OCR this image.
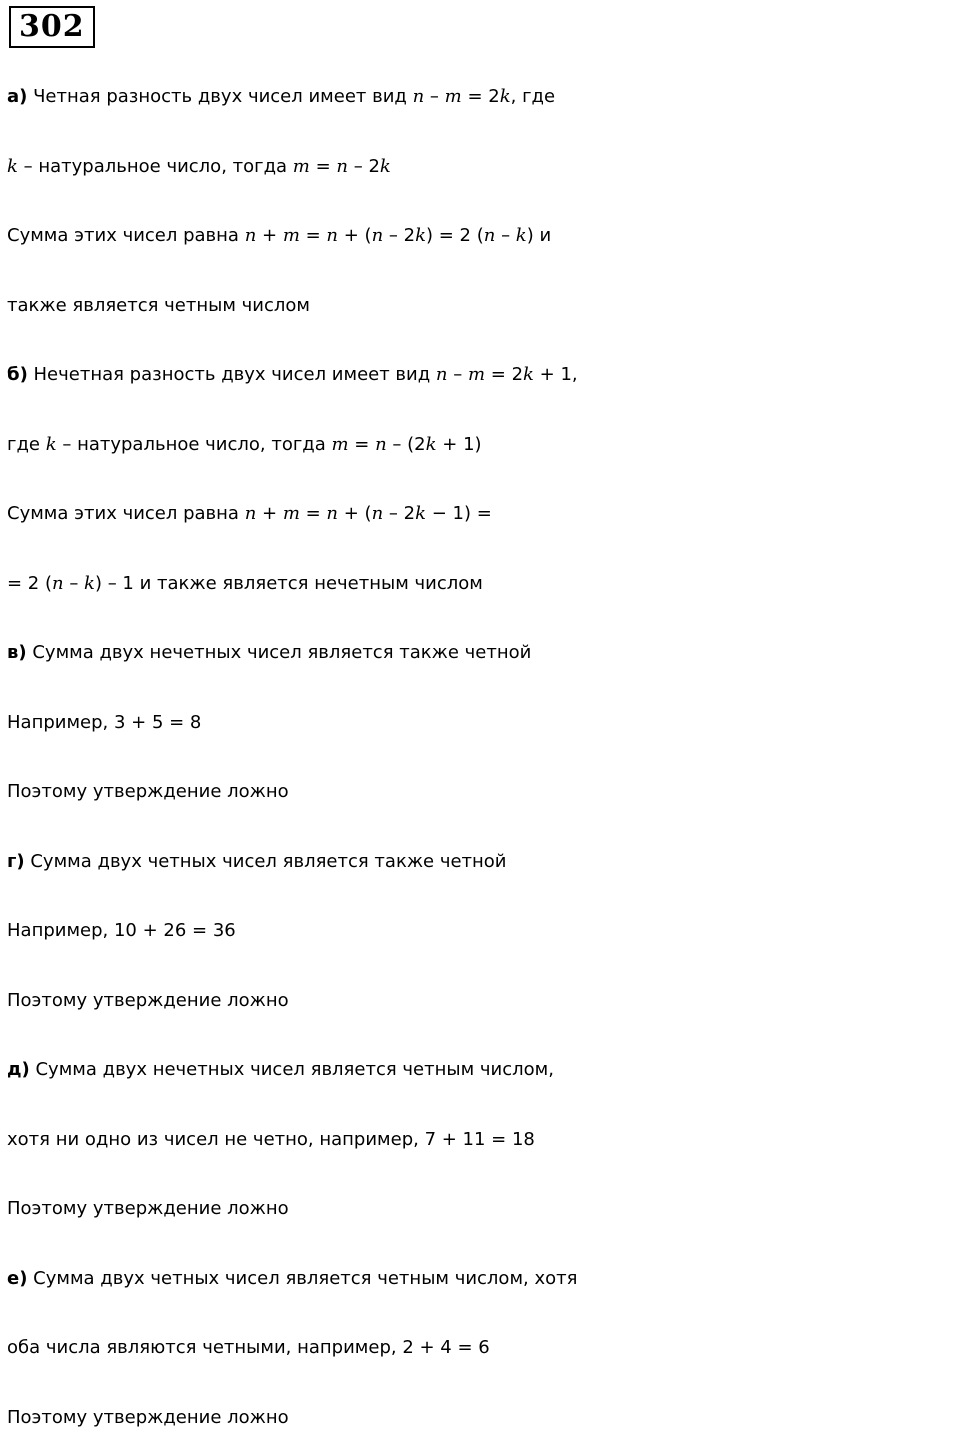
302
а) Четная разность двух чисел имеет вид n – m = 2k, где
k – натуральное число, тогда m = n – 2k
Сумма этих чисел равна n + m = n + (n – 2k) = 2 (n – k) и
также является четным числом
б) Нечетная разность двух чисел имеет вид n – m = 2k + 1,
где k – натуральное число, тогда m = n – (2k + 1)
Сумма этих чисел равна n + m = n + (n – 2k − 1) =
= 2 (n – k) – 1 и также является нечетным числом
в) Сумма двух нечетных чисел является также четной
Например, 3 + 5 = 8
Поэтому утверждение ложно
г) Сумма двух четных чисел является также четной
Например, 10 + 26 = 36
Поэтому утверждение ложно
д) Сумма двух нечетных чисел является четным числом,
хотя ни одно из чисел не четно, например, 7 + 11 = 18
Поэтому утверждение ложно
е) Сумма двух четных чисел является четным числом, хотя
оба числа являются четными, например, 2 + 4 = 6
Поэтому утверждение ложно
